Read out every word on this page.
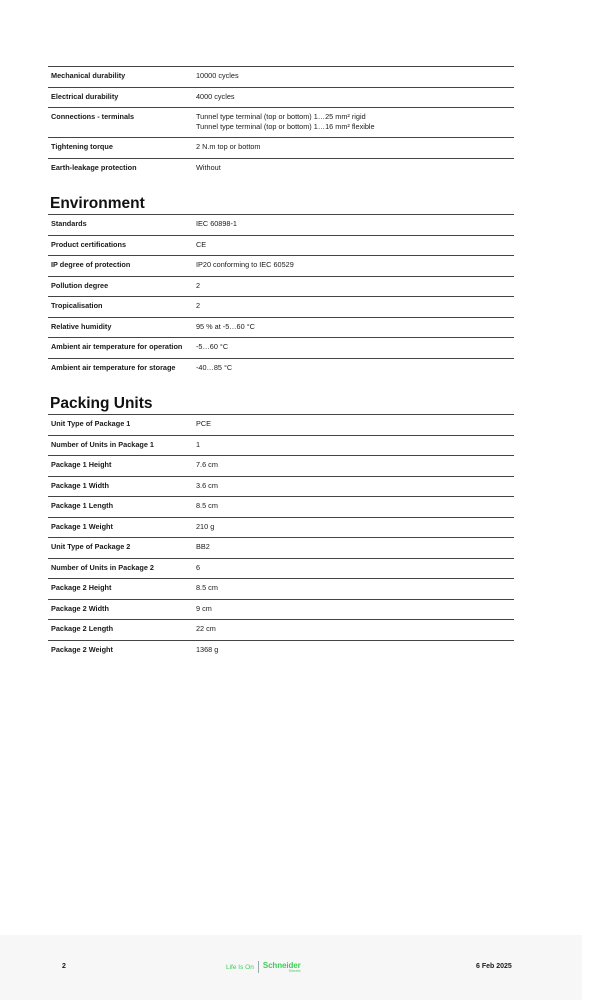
Mechanical durability	10000 cycles

Electrical durability	4000 cycles

Connections - terminals	Tunnel type terminal (top or bottom) 1…25 mm² rigid
Tunnel type terminal (top or bottom) 1…16 mm² flexible

Tightening torque	2 N.m top or bottom

Earth-leakage protection	Without
Environment
Standards	IEC 60898-1

Product certifications	CE

IP degree of protection	IP20 conforming to IEC 60529

Pollution degree	2

Tropicalisation	2

Relative humidity	95 % at -5…60 °C

Ambient air temperature for operation	-5…60 °C

Ambient air temperature for storage	-40…85 °C
Packing Units
Unit Type of Package 1	PCE

Number of Units in Package 1	1

Package 1 Height	7.6 cm

Package 1 Width	3.6 cm

Package 1 Length	8.5 cm

Package 1 Weight	210 g

Unit Type of Package 2	BB2

Number of Units in Package 2	6

Package 2 Height	8.5 cm

Package 2 Width	9 cm

Package 2 Length	22 cm

Package 2 Weight	1368 g
2	Life Is On Schneider
Electric
6 Feb 2025
